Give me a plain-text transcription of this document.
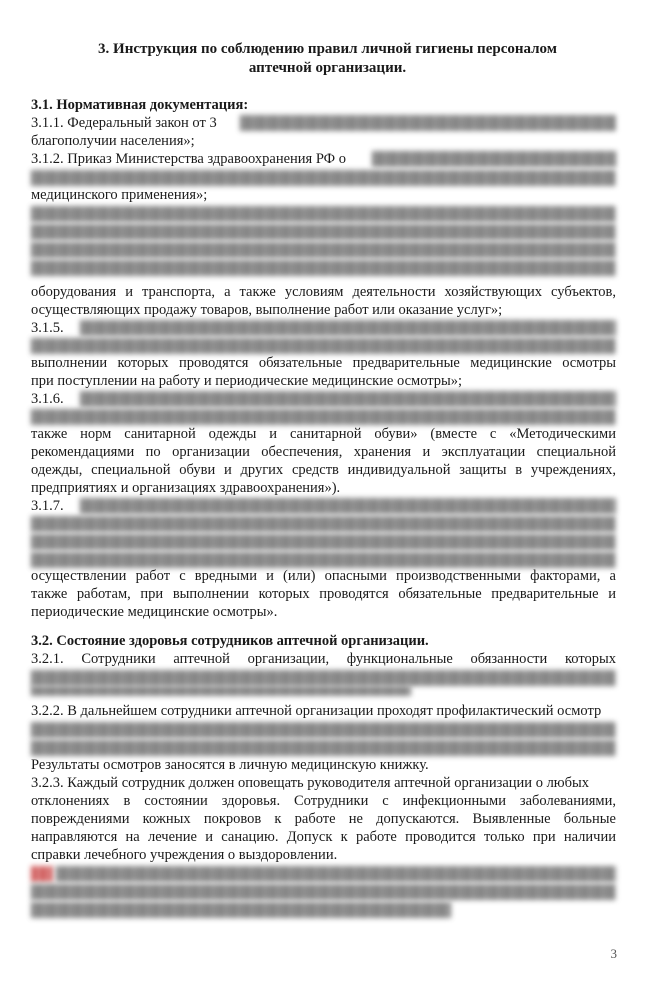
3. Инструкция по соблюдению правил личной гигиены персоналом
аптечной организации.
3.1. Нормативная документация:
3.1.1. Федеральный закон от 3
благополучии населения»;
3.1.2. Приказ Министерства здравоохранения РФ о
медицинского применения»;
оборудования и транспорта, а также условиям деятельности хозяйствующих субъектов,
осуществляющих продажу товаров, выполнение работ или оказание услуг»;
3.1.5.
выполнении которых проводятся обязательные предварительные медицинские осмотры
при поступлении на работу и периодические медицинские осмотры»;
3.1.6.
также норм санитарной одежды и санитарной обуви» (вместе с «Методическими
рекомендациями по организации обеспечения, хранения и эксплуатации специальной
одежды, специальной обуви и других средств индивидуальной защиты в учреждениях,
предприятиях и организациях здравоохранения»).
3.1.7.
осуществлении работ с вредными и (или) опасными производственными факторами, а
также работам, при выполнении которых проводятся обязательные предварительные и
периодические медицинские осмотры».
3.2. Состояние здоровья сотрудников аптечной организации.
3.2.1. Сотрудники аптечной организации, функциональные обязанности которых
3.2.2. В дальнейшем сотрудники аптечной организации проходят профилактический осмотр
Результаты осмотров заносятся в личную медицинскую книжку.
3.2.3. Каждый сотрудник должен оповещать руководителя аптечной организации о любых
отклонениях в состоянии здоровья. Сотрудники с инфекционными заболеваниями,
повреждениями кожных покровов к работе не допускаются. Выявленные больные
направляются на лечение и санацию. Допуск к работе проводится только при наличии
справки лечебного учреждения о выздоровлении.
3
